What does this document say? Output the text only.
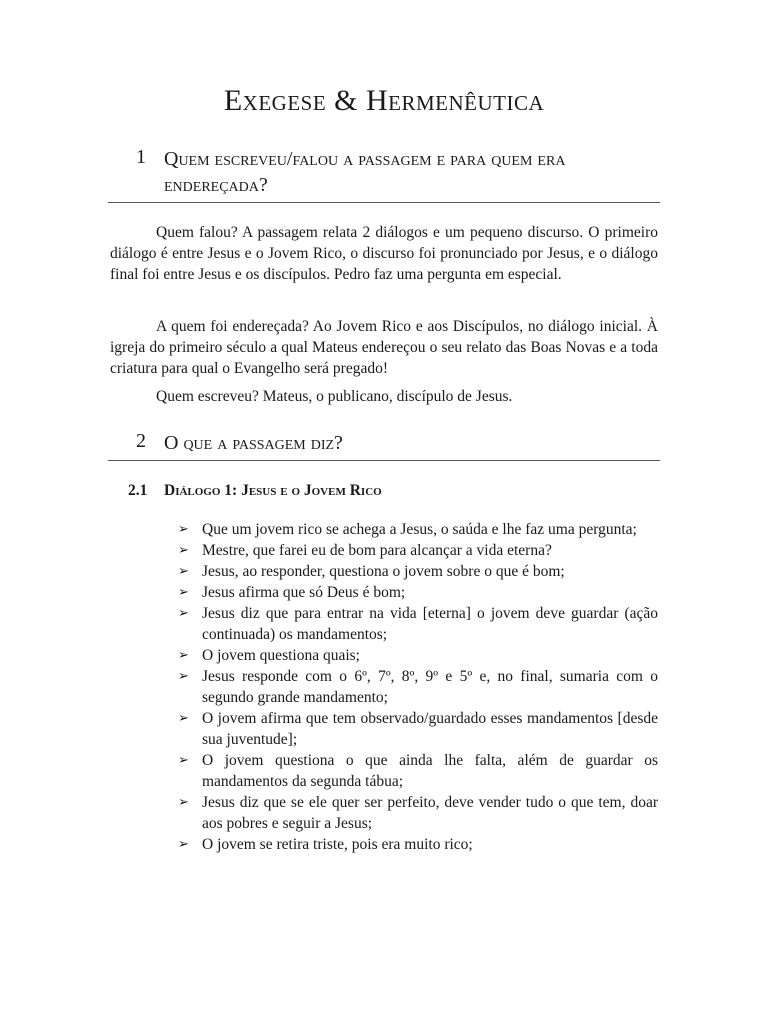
Exegese & Hermenêutica
1 Quem escreveu/falou a passagem e para quem era endereçada?

Quem falou? A passagem relata 2 diálogos e um pequeno discurso. O primeiro diálogo é entre Jesus e o Jovem Rico, o discurso foi pronunciado por Jesus, e o diálogo final foi entre Jesus e os discípulos. Pedro faz uma pergunta em especial.

A quem foi endereçada? Ao Jovem Rico e aos Discípulos, no diálogo inicial. À igreja do primeiro século a qual Mateus endereçou o seu relato das Boas Novas e a toda criatura para qual o Evangelho será pregado!

Quem escreveu? Mateus, o publicano, discípulo de Jesus.

2 O que a passagem diz?
2.1 Diálogo 1: Jesus e o Jovem Rico
➢ Que um jovem rico se achega a Jesus, o saúda e lhe faz uma pergunta;
➢ Mestre, que farei eu de bom para alcançar a vida eterna?
➢ Jesus, ao responder, questiona o jovem sobre o que é bom;
➢ Jesus afirma que só Deus é bom;
➢ Jesus diz que para entrar na vida [eterna] o jovem deve guardar (ação continuada) os mandamentos;
➢ O jovem questiona quais;
➢ Jesus responde com o 6º, 7º, 8º, 9º e 5º e, no final, sumaria com o segundo grande mandamento;
➢ O jovem afirma que tem observado/guardado esses mandamentos [desde sua juventude];
➢ O jovem questiona o que ainda lhe falta, além de guardar os mandamentos da segunda tábua;
➢ Jesus diz que se ele quer ser perfeito, deve vender tudo o que tem, doar aos pobres e seguir a Jesus;
➢ O jovem se retira triste, pois era muito rico;
